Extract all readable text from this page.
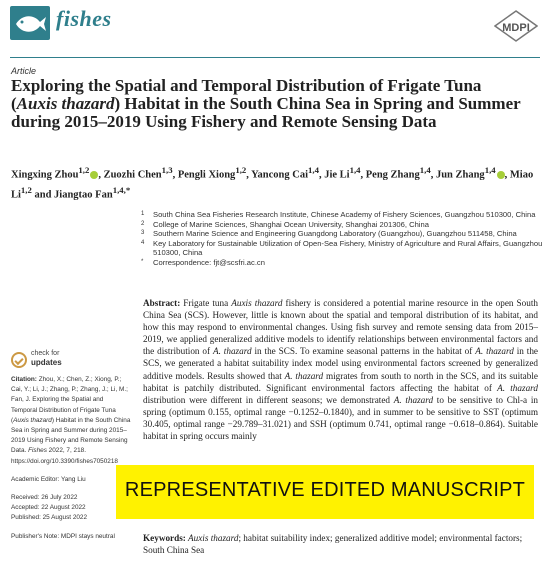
fishes	MDPI
Article
Exploring the Spatial and Temporal Distribution of Frigate Tuna (Auxis thazard) Habitat in the South China Sea in Spring and Summer during 2015–2019 Using Fishery and Remote Sensing Data
Xingxing Zhou$^{1,2}$ , Zuozhi Chen$^{1,3}$, Pengli Xiong$^{1,2}$, Yancong Cai$^{1,4}$, Jie Li$^{1,4}$, Peng Zhang$^{1,4}$, Jun Zhang$^{1,4}$ , Miao Li$^{1,2}$ and Jiangtao Fan$^{1,4,*}$
1	South China Sea Fisheries Research Institute, Chinese Academy of Fishery Sciences, Guangzhou 510300, China
2	College of Marine Sciences, Shanghai Ocean University, Shanghai 201306, China
3	Southern Marine Science and Engineering Guangdong Laboratory (Guangzhou), Guangzhou 511458, China
4	Key Laboratory for Sustainable Utilization of Open-Sea Fishery, Ministry of Agriculture and Rural Affairs, Guangzhou 510300, China
*	Correspondence: fjt@scsfri.ac.cn
check for
updates
Citation: Zhou, X.; Chen, Z.; Xiong, P.; Cai, Y.; Li, J.; Zhang, P.; Zhang, J.; Li, M.; Fan, J. Exploring the Spatial and Temporal Distribution of Frigate Tuna (Auxis thazard) Habitat in the South China Sea in Spring and Summer during 2015–2019 Using Fishery and Remote Sensing Data. Fishes 2022, 7, 218. https://doi.org/10.3390/fishes7050218
Academic Editor: Yang Liu
Received: 26 July 2022
Accepted: 22 August 2022
Published: 25 August 2022
Publisher's Note: MDPI stays neutral
Abstract: Frigate tuna Auxis thazard fishery is considered a potential marine resource in the open South China Sea (SCS). However, little is known about the spatial and temporal distribution of its habitat, and how this may respond to environmental changes. Using fish survey and remote sensing data from 2015–2019, we applied generalized additive models to identify relationships between environmental factors and the distribution of A. thazard in the SCS. To examine seasonal patterns in the habitat of A. thazard in the SCS, we generated a habitat suitability index model using environmental factors screened by generalized additive models. Results showed that A. thazard migrates from south to north in the SCS, and its suitable habitat is patchily distributed. Significant environmental factors affecting the habitat of A. thazard distribution were different in different seasons; we demonstrated A. thazard to be sensitive to Chl-a in spring (optimum 0.155, optimal range −0.1252–0.1840), and in summer to be sensitive to SST (optimum 30.405, optimal range −29.789–31.021) and SSH (optimum 0.741, optimal range −0.618–0.864). Suitable habitat in spring occurs mainly
REPRESENTATIVE EDITED MANUSCRIPT
Keywords: Auxis thazard; habitat suitability index; generalized additive model; environmental factors; South China Sea
